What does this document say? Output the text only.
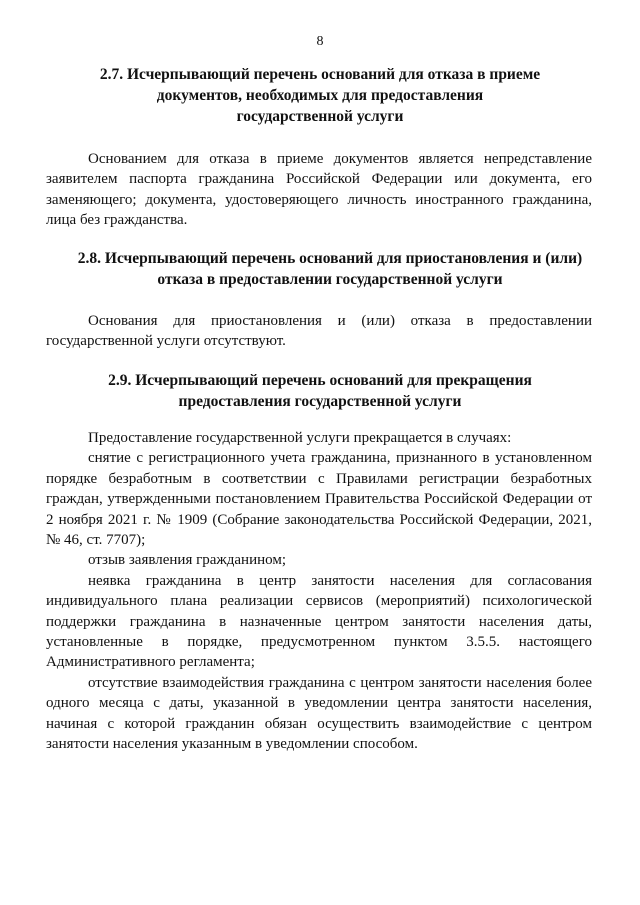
8
2.7. Исчерпывающий перечень оснований для отказа в приеме
документов, необходимых для предоставления
государственной услуги
Основанием для отказа в приеме документов является непредставление
заявителем паспорта гражданина Российской Федерации или документа, его
заменяющего; документа, удостоверяющего личность иностранного гражданина,
лица без гражданства.
2.8. Исчерпывающий перечень оснований для приостановления и (или)
отказа в предоставлении государственной услуги
Основания для приостановления и (или) отказа в предоставлении
государственной услуги отсутствуют.
2.9. Исчерпывающий перечень оснований для прекращения
предоставления государственной услуги
Предоставление государственной услуги прекращается в случаях:
снятие с регистрационного учета гражданина, признанного в установленном
порядке безработным в соответствии с Правилами регистрации безработных
граждан, утвержденными постановлением Правительства Российской Федерации от
2 ноября 2021 г. № 1909 (Собрание законодательства Российской Федерации, 2021,
№ 46, ст. 7707);
отзыв заявления гражданином;
неявка гражданина в центр занятости населения для согласования
индивидуального плана реализации сервисов (мероприятий) психологической
поддержки гражданина в назначенные центром занятости населения даты,
установленные в порядке, предусмотренном пунктом 3.5.5. настоящего
Административного регламента;
отсутствие взаимодействия гражданина с центром занятости населения более
одного месяца с даты, указанной в уведомлении центра занятости населения,
начиная с которой гражданин обязан осуществить взаимодействие с центром
занятости населения указанным в уведомлении способом.
